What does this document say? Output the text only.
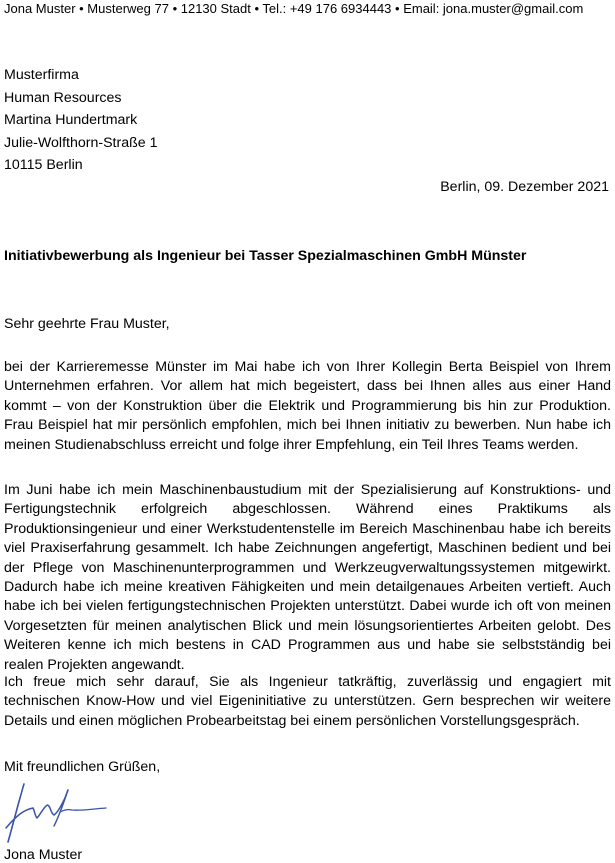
Jona Muster • Musterweg 77 • 12130 Stadt • Tel.: +49 176 6934443 • Email: jona.muster@gmail.com
Musterfirma
Human Resources
Martina Hundertmark
Julie-Wolfthorn-Straße 1
10115 Berlin
Berlin, 09. Dezember 2021
Initiativbewerbung als Ingenieur bei Tasser Spezialmaschinen GmbH Münster
Sehr geehrte Frau Muster,
bei der Karrieremesse Münster im Mai habe ich von Ihrer Kollegin Berta Beispiel von Ihrem Unternehmen erfahren. Vor allem hat mich begeistert, dass bei Ihnen alles aus einer Hand kommt – von der Konstruktion über die Elektrik und Programmierung bis hin zur Produktion. Frau Beispiel hat mir persönlich empfohlen, mich bei Ihnen initiativ zu bewerben. Nun habe ich meinen Studienabschluss erreicht und folge ihrer Empfehlung, ein Teil Ihres Teams werden.
Im Juni habe ich mein Maschinenbaustudium mit der Spezialisierung auf Konstruktions- und Fertigungstechnik erfolgreich abgeschlossen. Während eines Praktikums als Produktionsingenieur und einer Werkstudentenstelle im Bereich Maschinenbau habe ich bereits viel Praxiserfahrung gesammelt. Ich habe Zeichnungen angefertigt, Maschinen bedient und bei der Pflege von Maschinenunterprogrammen und Werkzeugverwaltungssystemen mitgewirkt. Dadurch habe ich meine kreativen Fähigkeiten und mein detailgenaues Arbeiten vertieft. Auch habe ich bei vielen fertigungstechnischen Projekten unterstützt. Dabei wurde ich oft von meinen Vorgesetzten für meinen analytischen Blick und mein lösungsorientiertes Arbeiten gelobt. Des Weiteren kenne ich mich bestens in CAD Programmen aus und habe sie selbstständig bei realen Projekten angewandt.
Ich freue mich sehr darauf, Sie als Ingenieur tatkräftig, zuverlässig und engagiert mit technischen Know-How und viel Eigeninitiative zu unterstützen. Gern besprechen wir weitere Details und einen möglichen Probearbeitstag bei einem persönlichen Vorstellungsgespräch.
Mit freundlichen Grüßen,
Jona Muster
